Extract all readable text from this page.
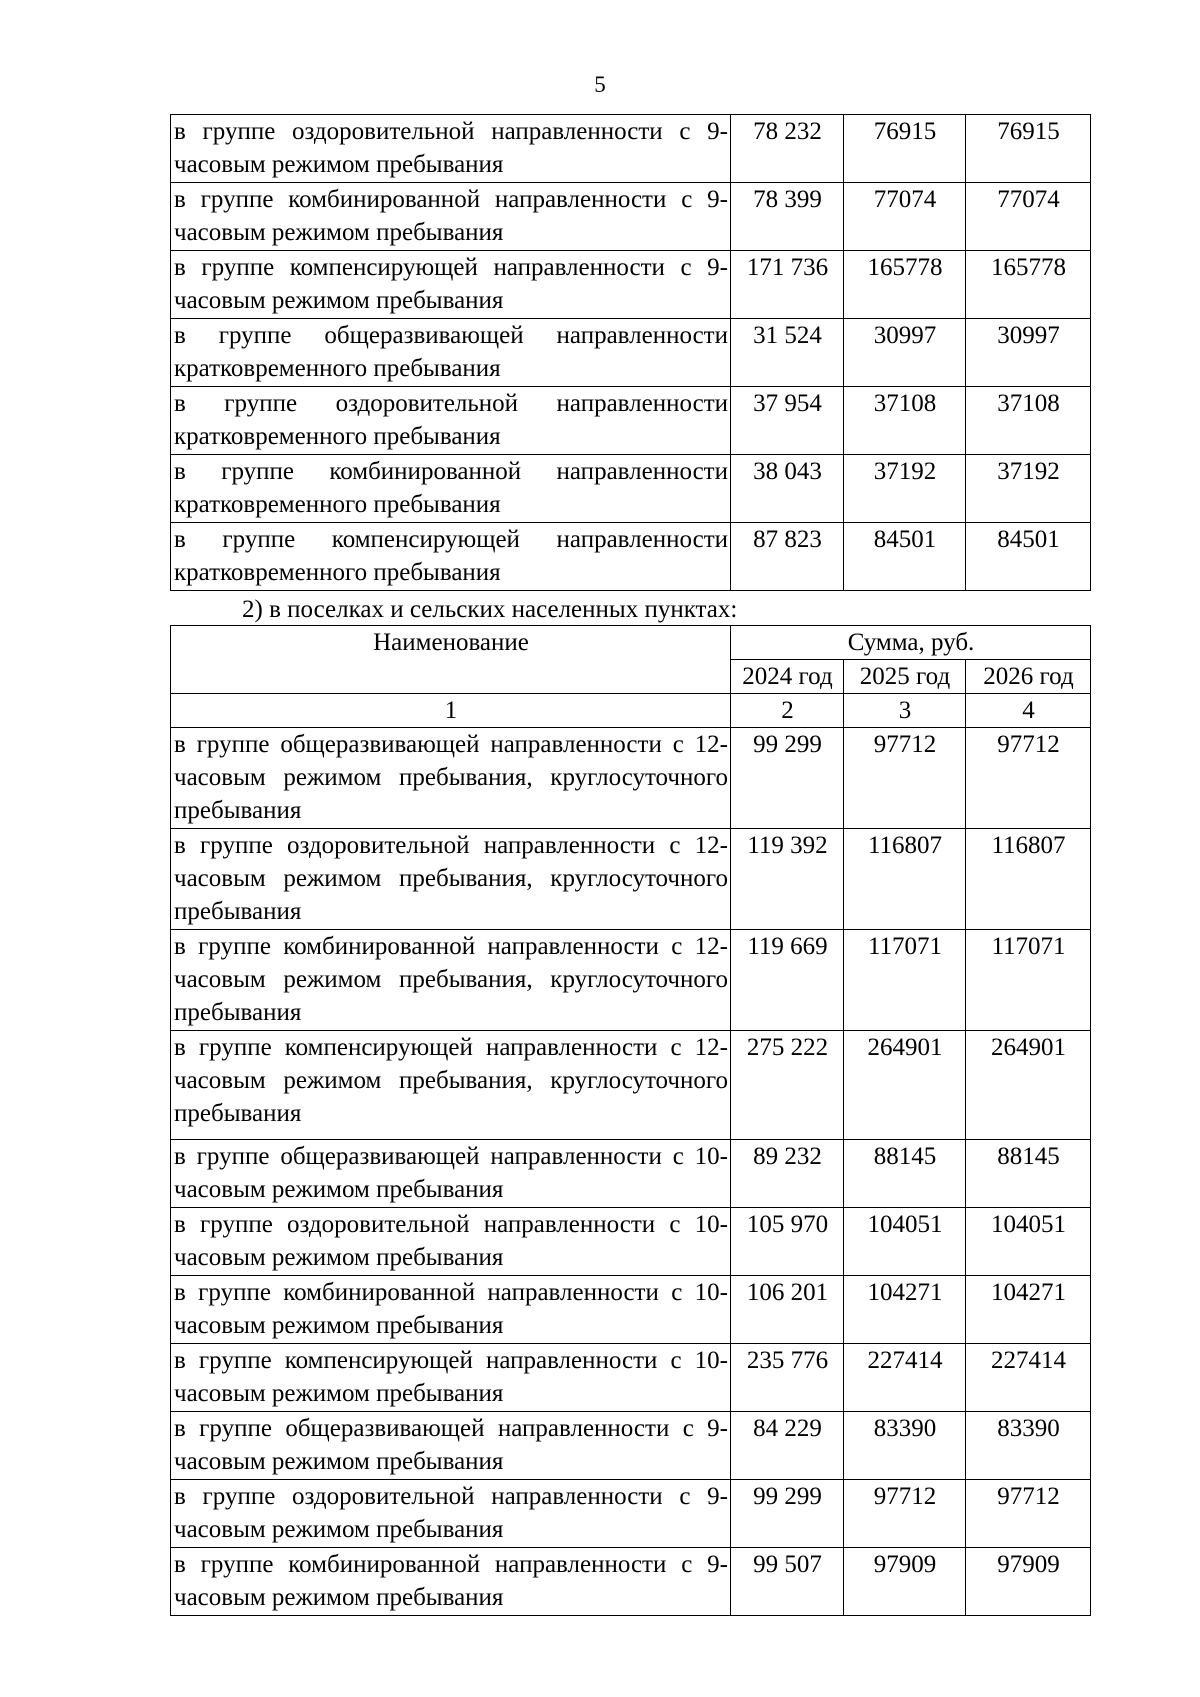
5
в группе оздоровительной направленности с 9-часовым режимом пребывания	78 232	76915	76915
в группе комбинированной направленности с 9-часовым режимом пребывания	78 399	77074	77074
в группе компенсирующей направленности с 9-часовым режимом пребывания	171 736	165778	165778
в группе общеразвивающей направленности кратковременного пребывания	31 524	30997	30997
в группе оздоровительной направленности кратковременного пребывания	37 954	37108	37108
в группе комбинированной направленности кратковременного пребывания	38 043	37192	37192
в группе компенсирующей направленности кратковременного пребывания	87 823	84501	84501
2) в поселках и сельских населенных пунктах:
Наименование	Сумма, руб.		
	2024 год	2025 год	2026 год
1	2	3	4
в группе общеразвивающей направленности с 12-часовым режимом пребывания, круглосуточного пребывания	99 299	97712	97712
в группе оздоровительной направленности с 12-часовым режимом пребывания, круглосуточного пребывания	119 392	116807	116807
в группе комбинированной направленности с 12-часовым режимом пребывания, круглосуточного пребывания	119 669	117071	117071
в группе компенсирующей направленности с 12-часовым режимом пребывания, круглосуточного пребывания	275 222	264901	264901
в группе общеразвивающей направленности с 10-часовым режимом пребывания	89 232	88145	88145
в группе оздоровительной направленности с 10-часовым режимом пребывания	105 970	104051	104051
в группе комбинированной направленности с 10-часовым режимом пребывания	106 201	104271	104271
в группе компенсирующей направленности с 10-часовым режимом пребывания	235 776	227414	227414
в группе общеразвивающей направленности с 9-часовым режимом пребывания	84 229	83390	83390
в группе оздоровительной направленности с 9-часовым режимом пребывания	99 299	97712	97712
в группе комбинированной направленности с 9-часовым режимом пребывания	99 507	97909	97909
